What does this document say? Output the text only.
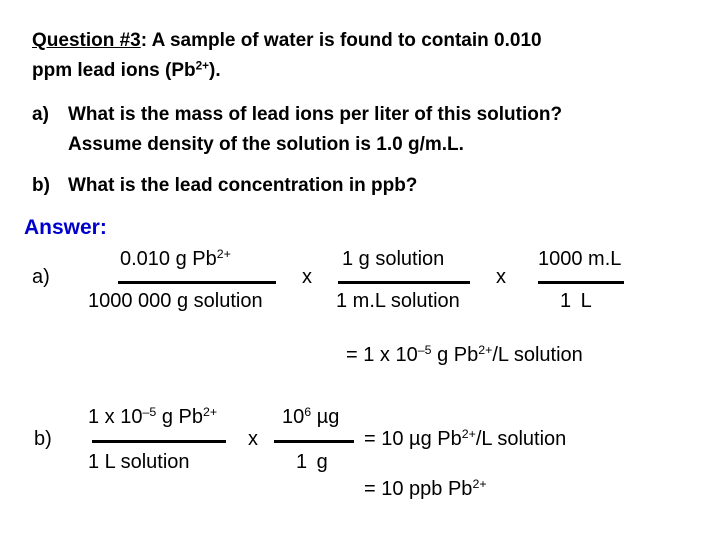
Question #3: A sample of water is found to contain 0.010
ppm lead ions $(Pb^{2+})$.
a) What is the mass of lead ions per liter of this solution?
Assume density of the solution is 1.0 g/m.L.
b) What is the lead concentration in ppb?
Answer:
a)
0.010 g $Pb^{2+}$
1000 000 g solution
x
1 g solution
1 m.L solution
x
1000 m.L
1 L
= 1 x $10^{-5}$ g $Pb^{2+}/L$ solution
b)
1 x $10^{-5}$ g $Pb^{2+}$
1 L solution
x
$10^6$ µg
1 g
= 10 µg $Pb^{2+}/L$ solution
= 10 ppb $Pb^{2+}$
